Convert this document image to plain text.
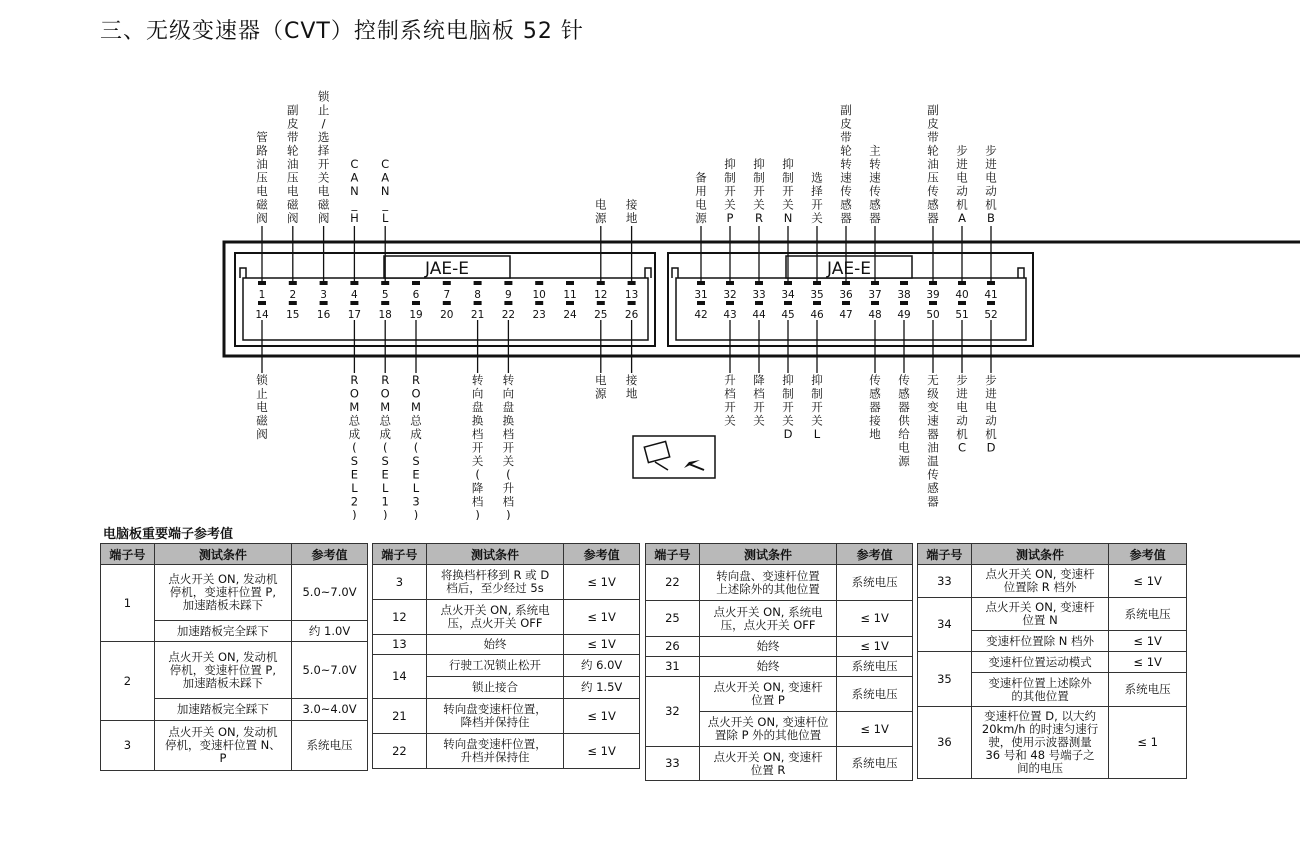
三、无级变速器（CVT）控制系统电脑板 52 针
JAE-E	JAE-E
1 2 3 4 5 6 7 8 9 10 11 12 13
14 15 16 17 18 19 20 21 22 23 24 25 26
31 32 33 34 35 36 37 38 39 40 41
42 43 44 45 46 47 48 49 50 51 52
管路油压电磁阀
副皮带轮油压电磁阀
锁止/选择开关电磁阀
C A N _ H
C A N _ L
电源
接地
备用电源
抑制开关 P
抑制开关 R
抑制开关 N
选择开关
副皮带轮转速传感器
主转速传感器
副皮带轮油压传感器
步进电动机 A
步进电动机 B
锁止电磁阀
R O M 总成( S E L 2 )
R O M 总成( S E L 1 )
R O M 总成( S E L 3 )
转向盘换档开关(降档)
转向盘换档开关(升档)
电源
接地
升档开关
降档开关
抑制开关 D
抑制开关 L
传感器接地
传感器供给电源
无级变速器油温传感器
步进电动机 C
步进电动机 D
电脑板重要端子参考值
端子号	测试条件	参考值
1	点火开关 ON, 发动机
停机，变速杆位置 P,
加速踏板未踩下	5.0~7.0V
	加速踏板完全踩下	约 1.0V
2	点火开关 ON, 发动机
停机，变速杆位置 P,
加速踏板未踩下	5.0~7.0V
	加速踏板完全踩下	3.0~4.0V
3	点火开关 ON, 发动机
停机，变速杆位置 N、
P	系统电压
端子号	测试条件	参考值
3	将换档杆移到 R 或 D
档后，至少经过 5s	≤ 1V
12	点火开关 ON, 系统电
压，点火开关 OFF	≤ 1V
13	始终	≤ 1V
14	行驶工况锁止松开	约 6.0V
	锁止接合	约 1.5V
21	转向盘变速杆位置，
降档并保持住	≤ 1V
22	转向盘变速杆位置，
升档并保持住	≤ 1V
端子号	测试条件	参考值
22	转向盘、变速杆位置
上述除外的其他位置	系统电压
25	点火开关 ON, 系统电
压，点火开关 OFF	≤ 1V
26	始终	≤ 1V
31	始终	系统电压
32	点火开关 ON, 变速杆
位置 P	系统电压
	点火开关 ON, 变速杆位
置除 P 外的其他位置	≤ 1V
33	点火开关 ON, 变速杆
位置 R	系统电压
端子号	测试条件	参考值
33	点火开关 ON, 变速杆
位置除 R 档外	≤ 1V
34	点火开关 ON, 变速杆
位置 N	系统电压
	变速杆位置除 N 档外	≤ 1V
35	变速杆位置运动模式	≤ 1V
	变速杆位置上述除外
的其他位置	系统电压
36	变速杆位置 D, 以大约
20km/h 的时速匀速行
驶，使用示波器测量
36 号和 48 号端子之
间的电压	≤ 1
